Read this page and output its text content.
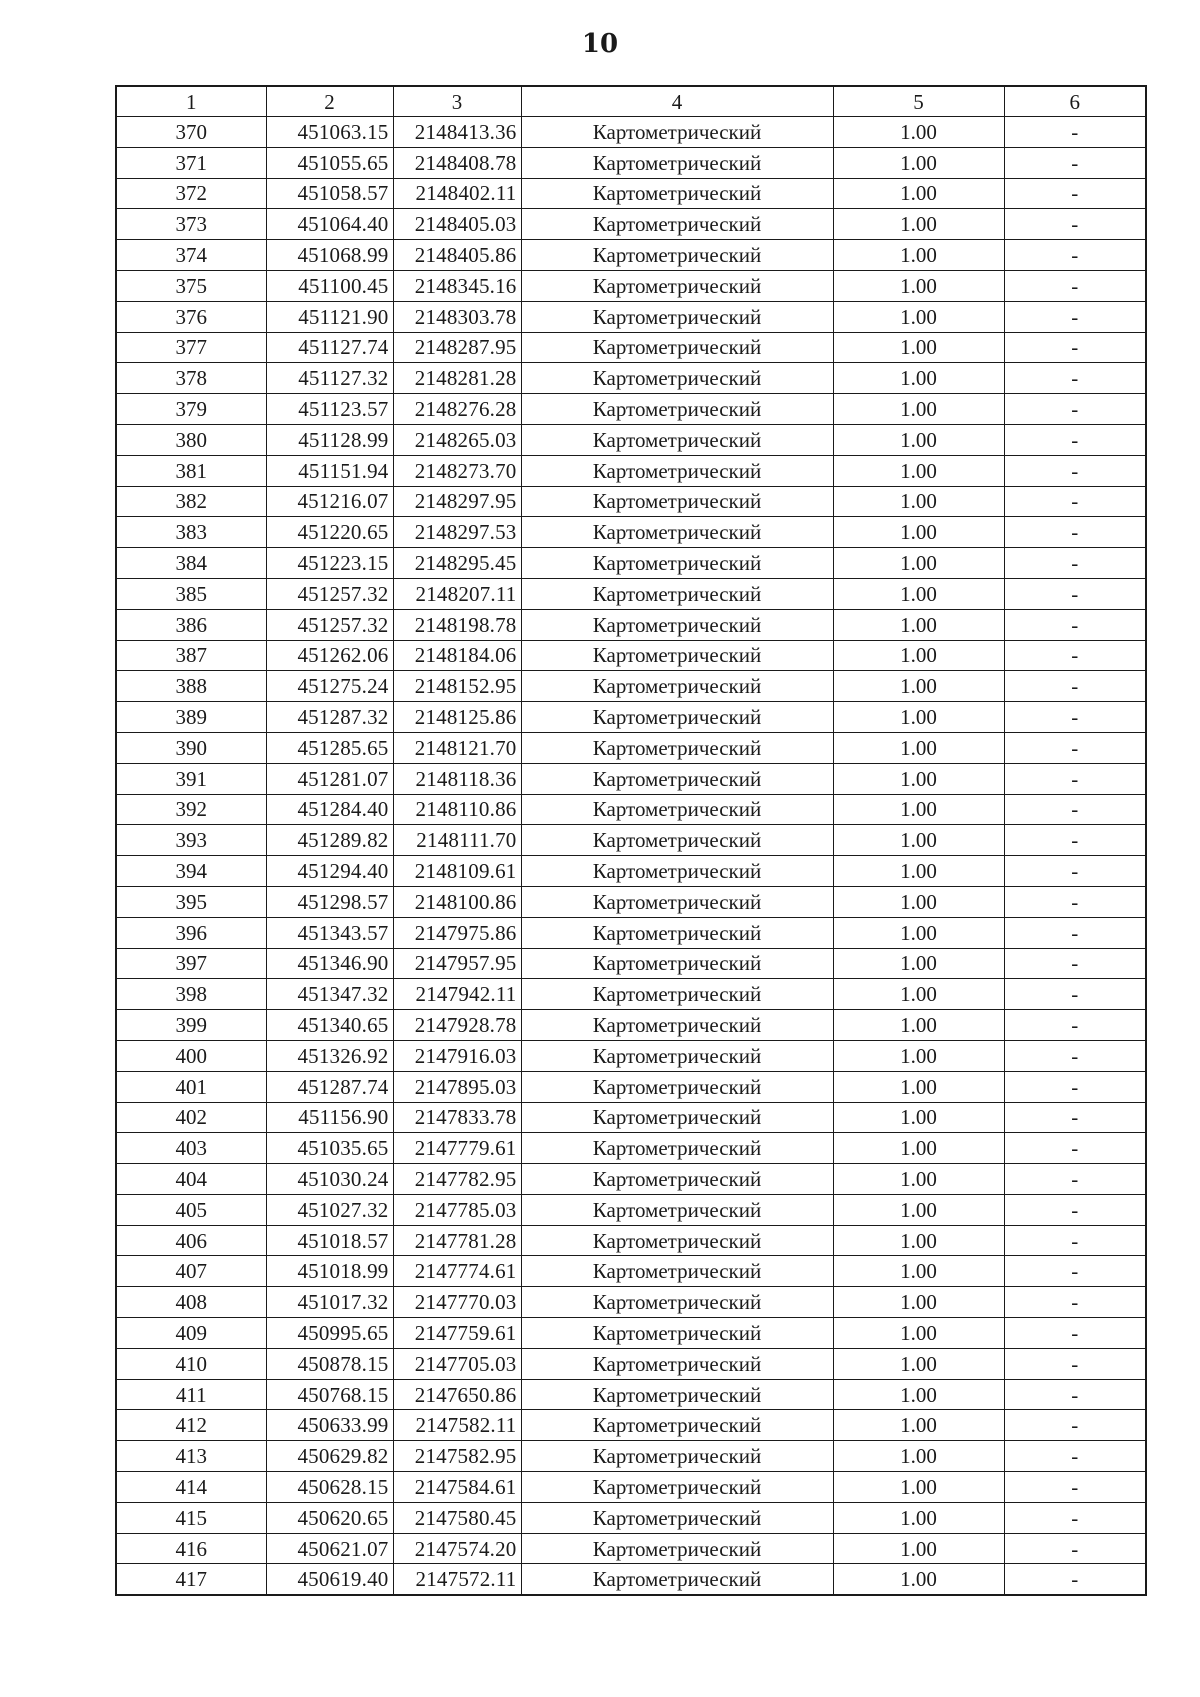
10
1	2	3	4	5	6
370	451063.15	2148413.36	Картометрический	1.00	-
371	451055.65	2148408.78	Картометрический	1.00	-
372	451058.57	2148402.11	Картометрический	1.00	-
373	451064.40	2148405.03	Картометрический	1.00	-
374	451068.99	2148405.86	Картометрический	1.00	-
375	451100.45	2148345.16	Картометрический	1.00	-
376	451121.90	2148303.78	Картометрический	1.00	-
377	451127.74	2148287.95	Картометрический	1.00	-
378	451127.32	2148281.28	Картометрический	1.00	-
379	451123.57	2148276.28	Картометрический	1.00	-
380	451128.99	2148265.03	Картометрический	1.00	-
381	451151.94	2148273.70	Картометрический	1.00	-
382	451216.07	2148297.95	Картометрический	1.00	-
383	451220.65	2148297.53	Картометрический	1.00	-
384	451223.15	2148295.45	Картометрический	1.00	-
385	451257.32	2148207.11	Картометрический	1.00	-
386	451257.32	2148198.78	Картометрический	1.00	-
387	451262.06	2148184.06	Картометрический	1.00	-
388	451275.24	2148152.95	Картометрический	1.00	-
389	451287.32	2148125.86	Картометрический	1.00	-
390	451285.65	2148121.70	Картометрический	1.00	-
391	451281.07	2148118.36	Картометрический	1.00	-
392	451284.40	2148110.86	Картометрический	1.00	-
393	451289.82	2148111.70	Картометрический	1.00	-
394	451294.40	2148109.61	Картометрический	1.00	-
395	451298.57	2148100.86	Картометрический	1.00	-
396	451343.57	2147975.86	Картометрический	1.00	-
397	451346.90	2147957.95	Картометрический	1.00	-
398	451347.32	2147942.11	Картометрический	1.00	-
399	451340.65	2147928.78	Картометрический	1.00	-
400	451326.92	2147916.03	Картометрический	1.00	-
401	451287.74	2147895.03	Картометрический	1.00	-
402	451156.90	2147833.78	Картометрический	1.00	-
403	451035.65	2147779.61	Картометрический	1.00	-
404	451030.24	2147782.95	Картометрический	1.00	-
405	451027.32	2147785.03	Картометрический	1.00	-
406	451018.57	2147781.28	Картометрический	1.00	-
407	451018.99	2147774.61	Картометрический	1.00	-
408	451017.32	2147770.03	Картометрический	1.00	-
409	450995.65	2147759.61	Картометрический	1.00	-
410	450878.15	2147705.03	Картометрический	1.00	-
411	450768.15	2147650.86	Картометрический	1.00	-
412	450633.99	2147582.11	Картометрический	1.00	-
413	450629.82	2147582.95	Картометрический	1.00	-
414	450628.15	2147584.61	Картометрический	1.00	-
415	450620.65	2147580.45	Картометрический	1.00	-
416	450621.07	2147574.20	Картометрический	1.00	-
417	450619.40	2147572.11	Картометрический	1.00	-
